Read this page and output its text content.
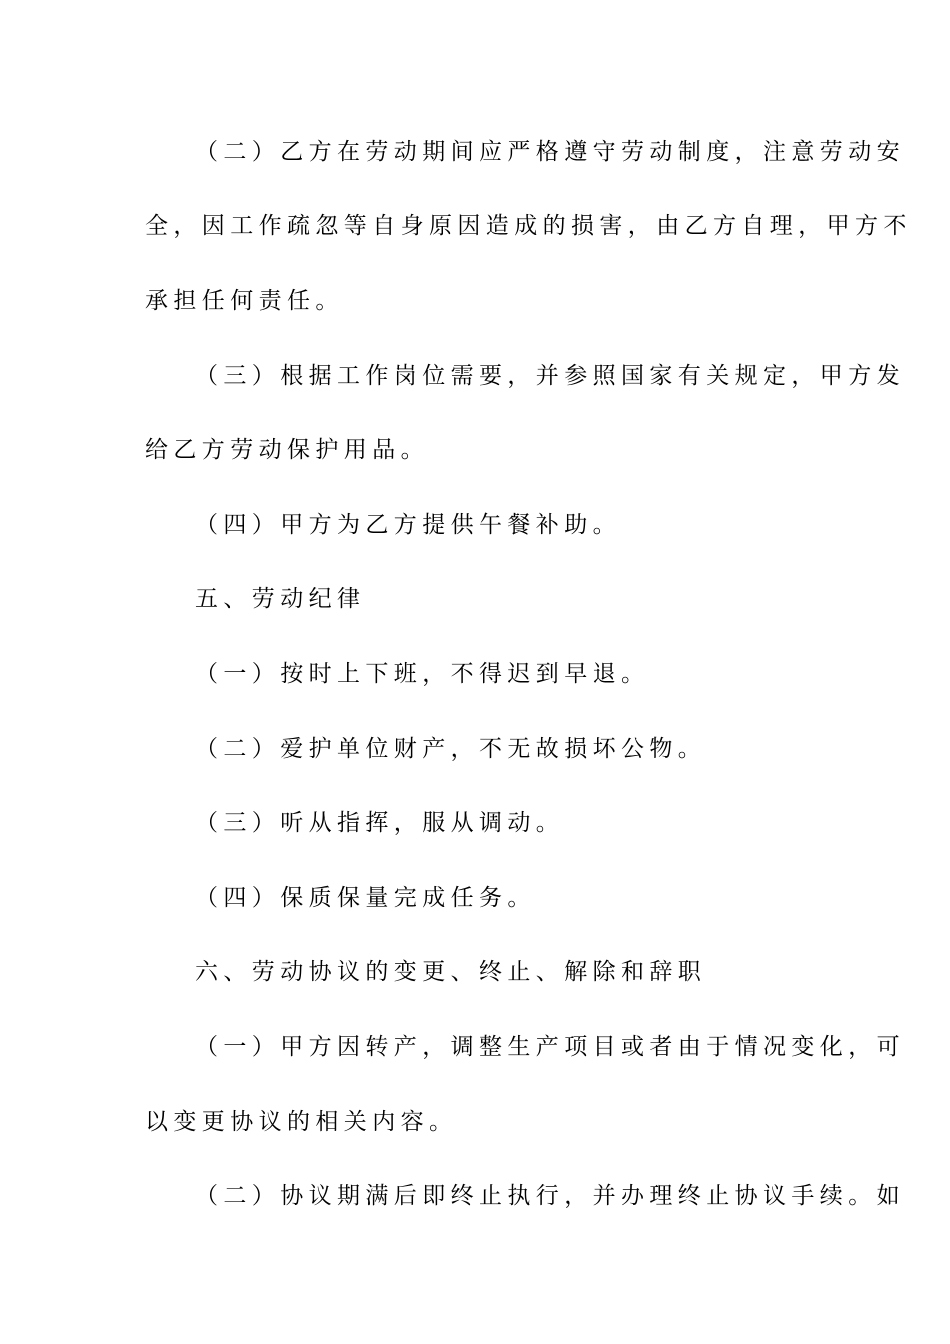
（二）乙方在劳动期间应严格遵守劳动制度，注意劳动安
全，因工作疏忽等自身原因造成的损害，由乙方自理，甲方不
承担任何责任。
（三）根据工作岗位需要，并参照国家有关规定，甲方发
给乙方劳动保护用品。
（四）甲方为乙方提供午餐补助。
五、劳动纪律
（一）按时上下班，不得迟到早退。
（二）爱护单位财产，不无故损坏公物。
（三）听从指挥，服从调动。
（四）保质保量完成任务。
六、劳动协议的变更、终止、解除和辞职
（一）甲方因转产，调整生产项目或者由于情况变化，可
以变更协议的相关内容。
（二）协议期满后即终止执行，并办理终止协议手续。如
